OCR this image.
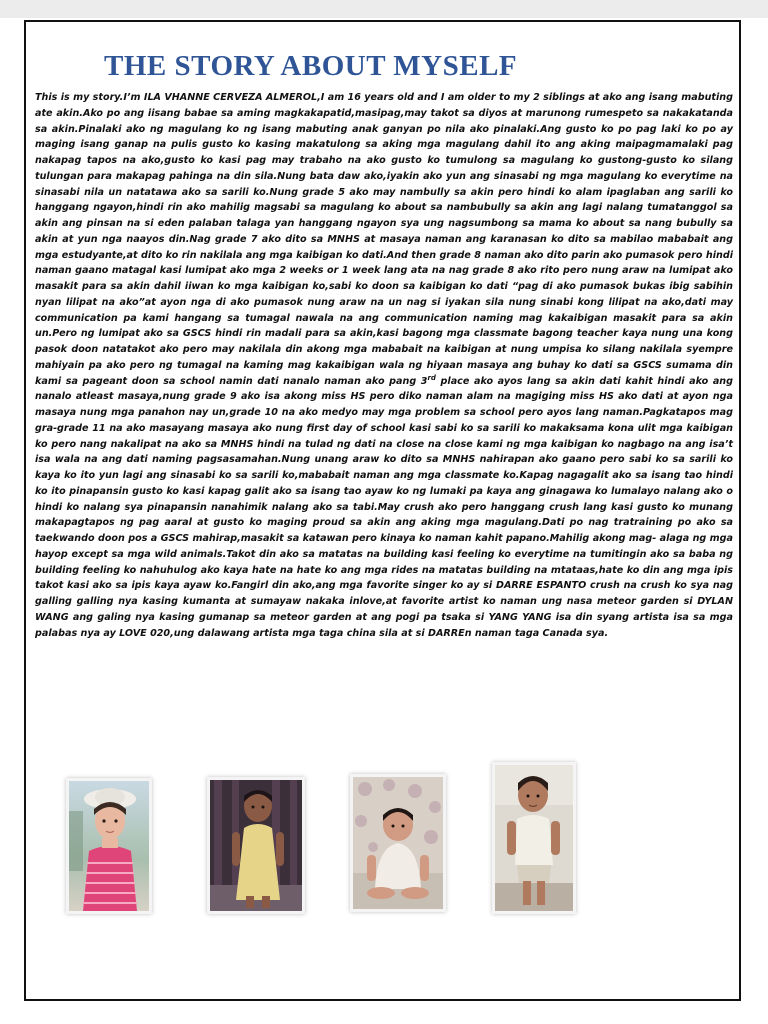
THE STORY ABOUT MYSELF

This is my story.I’m ILA VHANNE CERVEZA ALMEROL,I am 16 years old and I am older to my 2 siblings at ako ang isang mabuting ate akin.Ako po ang iisang babae sa aming magkakapatid,masipag,may takot sa diyos at marunong rumespeto sa nakakatanda sa akin.Pinalaki ako ng magulang ko ng isang mabuting anak ganyan po nila ako pinalaki.Ang gusto ko po pag laki ko po ay maging isang ganap na pulis gusto ko kasing makatulong sa aking mga magulang dahil ito ang aking maipagmamalaki pag nakapag tapos na ako,gusto ko kasi pag may trabaho na ako gusto ko tumulong sa magulang ko gustong-gusto ko silang tulungan para makapag pahinga na din sila.Nung bata daw ako,iyakin ako yun ang sinasabi ng mga magulang ko everytime na sinasabi nila un natatawa ako sa sarili ko.Nung grade 5 ako may nambully sa akin pero hindi ko alam ipaglaban ang sarili ko hanggang ngayon,hindi rin ako mahilig magsabi sa magulang ko about sa nambubully sa akin ang lagi nalang tumatanggol sa akin ang pinsan na si eden palaban talaga yan hanggang ngayon sya ung nagsumbong sa mama ko about sa nang bubully sa akin at yun nga naayos din.Nag grade 7 ako dito sa MNHS at masaya naman ang karanasan ko dito sa mabilao mababait ang mga estudyante,at dito ko rin nakilala ang mga kaibigan ko dati.And then grade 8 naman ako dito parin ako pumasok pero hindi naman gaano matagal kasi lumipat ako mga 2 weeks or 1 week lang ata na nag grade 8 ako rito pero nung araw na lumipat ako masakit para sa akin dahil iiwan ko mga kaibigan ko,sabi ko doon sa kaibigan ko dati “pag di ako pumasok bukas ibig sabihin nyan lilipat na ako”at ayon nga di ako pumasok nung araw na un nag si iyakan sila nung sinabi kong lilipat na ako,dati may communication pa kami hangang sa tumagal nawala na ang communication naming mag kakaibigan masakit para sa akin un.Pero ng lumipat ako sa GSCS hindi rin madali para sa akin,kasi bagong mga classmate bagong teacher kaya nung una kong pasok doon natatakot ako pero may nakilala din akong mga mababait na kaibigan at nung umpisa ko silang nakilala syempre mahiyain pa ako pero ng tumagal na kaming mag kakaibigan wala ng hiyaan masaya ang buhay ko dati sa GSCS sumama din kami sa pageant doon sa school namin dati nanalo naman ako pang 3rd place ako ayos lang sa akin dati kahit hindi ako ang nanalo atleast masaya,nung grade 9 ako isa akong miss HS pero diko naman alam na magiging miss HS ako dati at ayon nga masaya nung mga panahon nay un,grade 10 na ako medyo may mga problem sa school pero ayos lang naman.Pagkatapos mag gra-grade 11 na ako masayang masaya ako nung first day of school kasi sabi ko sa sarili ko makaksama kona ulit mga kaibigan ko pero nang nakalipat na ako sa MNHS hindi na tulad ng dati na close na close kami ng mga kaibigan ko nagbago na ang isa’t isa wala na ang dati naming pagsasamahan.Nung unang araw ko dito sa MNHS nahirapan ako gaano pero sabi ko sa sarili ko kaya ko ito yun lagi ang sinasabi ko sa sarili ko,mababait naman ang mga classmate ko.Kapag nagagalit ako sa isang tao hindi ko ito pinapansin gusto ko kasi kapag galit ako sa isang tao ayaw ko ng lumaki pa kaya ang ginagawa ko lumalayo nalang ako o hindi ko nalang sya pinapansin nanahimik nalang ako sa tabi.May crush ako pero hanggang crush lang kasi gusto ko munang makapagtapos ng pag aaral at gusto ko maging proud sa akin ang aking mga magulang.Dati po nag tratraining po ako sa taekwando doon pos a GSCS mahirap,masakit sa katawan pero kinaya ko naman kahit papano.Mahilig akong mag- alaga ng mga hayop except sa mga wild animals.Takot din ako sa matatas na building kasi feeling ko everytime na tumitingin ako sa baba ng building feeling ko nahuhulog ako kaya hate na hate ko ang mga rides na matatas building na mtataas,hate ko din ang mga ipis takot kasi ako sa ipis kaya ayaw ko.Fangirl din ako,ang mga favorite singer ko ay si DARRE ESPANTO crush na crush ko sya nag galling galling nya kasing kumanta at sumayaw nakaka inlove,at favorite artist ko naman ung nasa meteor garden si DYLAN WANG ang galing nya kasing gumanap sa meteor garden at ang pogi pa tsaka si YANG YANG isa din syang artista isa sa mga palabas nya ay LOVE 020,ung dalawang artista mga taga china sila at si DARREn naman taga Canada sya.
